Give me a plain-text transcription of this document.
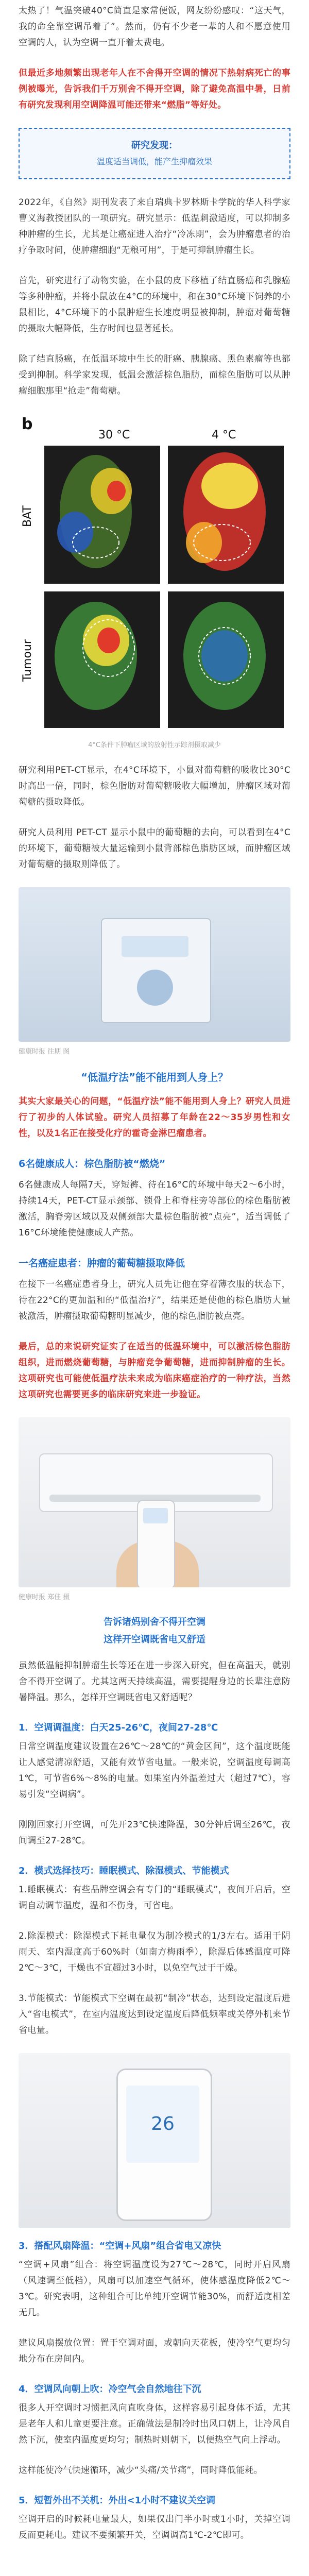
太热了！气温突破40°C简直是家常便饭，网友纷纷感叹：“这天气，我的命全靠空调吊着了”。然而，仍有不少老一辈的人和不愿意使用空调的人，认为空调一直开着太费电。

但最近多地频繁出现老年人在不舍得开空调的情况下热射病死亡的事例被曝光，告诉我们千万别舍不得开空调，除了避免高温中暑，日前有研究发现利用空调降温可能还带来“燃脂”等好处。

研究发现：
温度适当调低，能产生抑瘤效果

2022年，《自然》期刊发表了来自瑞典卡罗林斯卡学院的华人科学家曹义海教授团队的一项研究。研究显示：低温刺激适度，可以抑制多种肿瘤的生长，尤其是让癌症进入治疗“冷冻期”，会为肿瘤患者的治疗争取时间，使肿瘤细胞“无粮可用”，于是可抑制肿瘤生长。

首先，研究进行了动物实验，在小鼠的皮下移植了结直肠癌和乳腺癌等多种肿瘤，并将小鼠放在4°C的环境中，和在30°C环境下饲养的小鼠相比，4°C环境下的小鼠肿瘤生长速度明显被抑制，肿瘤对葡萄糖的摄取大幅降低，生存时间也显著延长。

除了结直肠癌，在低温环境中生长的肝癌、胰腺癌、黑色素瘤等也都受到抑制。科学家发现，低温会激活棕色脂肪，而棕色脂肪可以从肿瘤细胞那里“抢走”葡萄糖。

b
30 °C	4 °C
BAT
Tumour
4°C条件下肿瘤区域的放射性示踪剂摄取减少

研究利用PET-CT显示，在4°C环境下，小鼠对葡萄糖的吸收比30°C时高出一倍，同时，棕色脂肪对葡萄糖吸收大幅增加，肿瘤区域对葡萄糖的摄取降低。

研究人员利用 PET-CT 显示小鼠中的葡萄糖的去向，可以看到在4°C的环境下，葡萄糖被大量运输到小鼠背部棕色脂肪区域，而肿瘤区域对葡萄糖的摄取则降低了。

健康时报 往期 图
“低温疗法”能不能用到人身上？

其实大家最关心的问题，“低温疗法”能不能用到人身上？研究人员进行了初步的人体试验。研究人员招募了年龄在22～35岁男性和女性，以及1名正在接受化疗的霍奇金淋巴瘤患者。

6名健康成人：棕色脂肪被“燃烧”

6名健康成人每隔7天，穿短裤、待在16°C的环境中每天2～6小时，持续14天，PET-CT显示颈部、锁骨上和脊柱旁等部位的棕色脂肪被激活，胸脊旁区域以及双侧颈部大量棕色脂肪被“点亮”，适当调低了16°C环境能使健康成人产热。

一名癌症患者：肿瘤的葡萄糖摄取降低

在接下一名癌症患者身上，研究人员先让他在穿着薄衣服的状态下，待在22°C的更加温和的“低温治疗”，结果还是使他的棕色脂肪大量被激活，肿瘤摄取葡萄糖明显减少，他的棕色脂肪被点亮。

最后，总的来说研究证实了在适当的低温环境中，可以激活棕色脂肪组织，进而燃烧葡萄糖，与肿瘤竞争葡萄糖，进而抑制肿瘤的生长。这项研究也可能使低温疗法未来成为临床癌症治疗的一种疗法，当然这项研究也需要更多的临床研究来进一步验证。

健康时报 郑佳 摄
告诉诸妈别舍不得开空调
这样开空调既省电又舒适

虽然低温能抑制肿瘤生长等还在进一步深入研究，但在高温天，就别舍不得开空调了。尤其这两天持续高温，需要提醒身边的长辈注意防暑降温。那么，怎样开空调既省电又舒适呢？

1．空调调温度：白天25-26℃，夜间27-28℃

日常空调温度建议设置在26℃～28℃的“黄金区间”，这个温度既能让人感觉清凉舒适，又能有效节省电量。一般来说，空调温度每调高1℃，可节省6%～8%的电量。如果室内外温差过大（超过7℃），容易引发“空调病”。

刚刚回家打开空调，可先开23℃快速降温，30分钟后调至26℃，夜间调至27-28℃。

2．模式选择技巧：睡眠模式、除湿模式、节能模式

1.睡眠模式：有些品牌空调会有专门的“睡眠模式”，夜间开启后，空调自动调节温度，温和不伤身，可省电。

2.除湿模式：除湿模式下耗电量仅为制冷模式的1/3左右。适用于阴雨天、室内湿度高于60%时（如南方梅雨季），除湿后体感温度可降2℃～3℃，干燥也不宜超过3小时，以免空气过于干燥。

3.节能模式：节能模式下空调在最初“制冷”状态，达到设定温度后进入“省电模式”，在室内温度达到设定温度后降低频率或关停外机来节省电量。

26
3．搭配风扇降温：“空调+风扇”组合省电又凉快

“空调+风扇”组合：将空调温度设为27℃～28℃，同时开启风扇（风速调至低档），风扇可以加速空气循环，使体感温度降低2℃～3℃。研究表明，这种组合可比单纯开空调节能30%，而舒适度相差无几。

建议风扇摆放位置：置于空调对面，或朝向天花板，使冷空气更均匀地分布在房间内。

4．空调风向朝上吹：冷空气会自然地往下沉

很多人开空调时习惯把风向直吹身体，这样容易引起身体不适，尤其是老年人和儿童更要注意。正确做法是制冷时出风口朝上，让冷风自然下沉，使室内温度更均匀；制热时则朝下，以便热空气向上浮动。

这样能使冷气快速循环，减少“头痛/关节痛”，同时降低能耗。

5．短暂外出不关机：外出<1小时不建议关空调

空调开启的时候耗电量最大，如果仅出门半小时或1小时，关掉空调反而更耗电。建议不要频繁开关，空调调高1℃-2℃即可。
